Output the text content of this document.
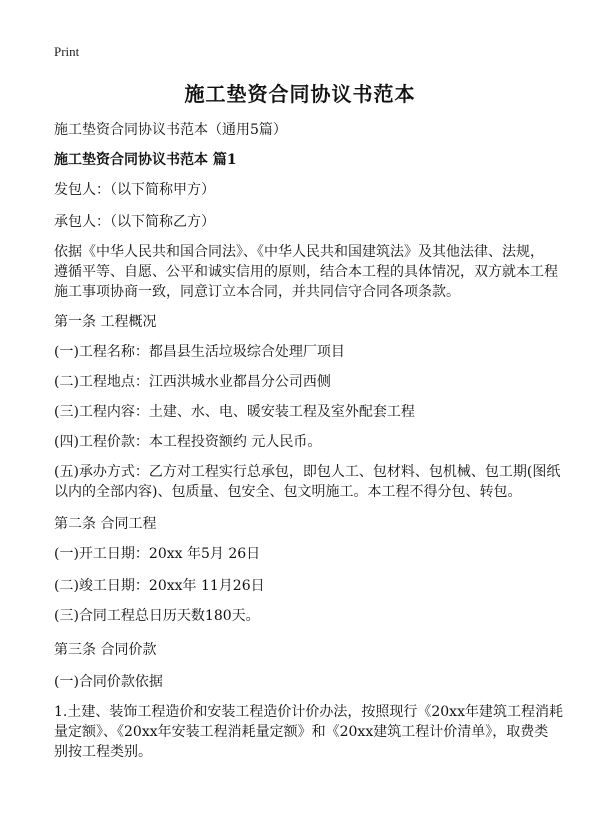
Print
施工垫资合同协议书范本
施工垫资合同协议书范本（通用5篇）
施工垫资合同协议书范本 篇1
发包人：（以下简称甲方）
承包人：（以下简称乙方）
依据《中华人民共和国合同法》、《中华人民共和国建筑法》及其他法律、法规，
遵循平等、自愿、公平和诚实信用的原则，结合本工程的具体情况，双方就本工程
施工事项协商一致，同意订立本合同，并共同信守合同各项条款。
第一条 工程概况
(一)工程名称：都昌县生活垃圾综合处理厂项目
(二)工程地点：江西洪城水业都昌分公司西侧
(三)工程内容：土建、水、电、暖安装工程及室外配套工程
(四)工程价款：本工程投资额约 元人民币。
(五)承办方式：乙方对工程实行总承包，即包人工、包材料、包机械、包工期(图纸
以内的全部内容)、包质量、包安全、包文明施工。本工程不得分包、转包。
第二条 合同工程
(一)开工日期：20xx 年5月 26日
(二)竣工日期：20xx年 11月26日
(三)合同工程总日历天数180天。
第三条 合同价款
(一)合同价款依据
1.土建、装饰工程造价和安装工程造价计价办法，按照现行《20xx年建筑工程消耗
量定额》、《20xx年安装工程消耗量定额》和《20xx建筑工程计价清单》，取费类
别按工程类别。
